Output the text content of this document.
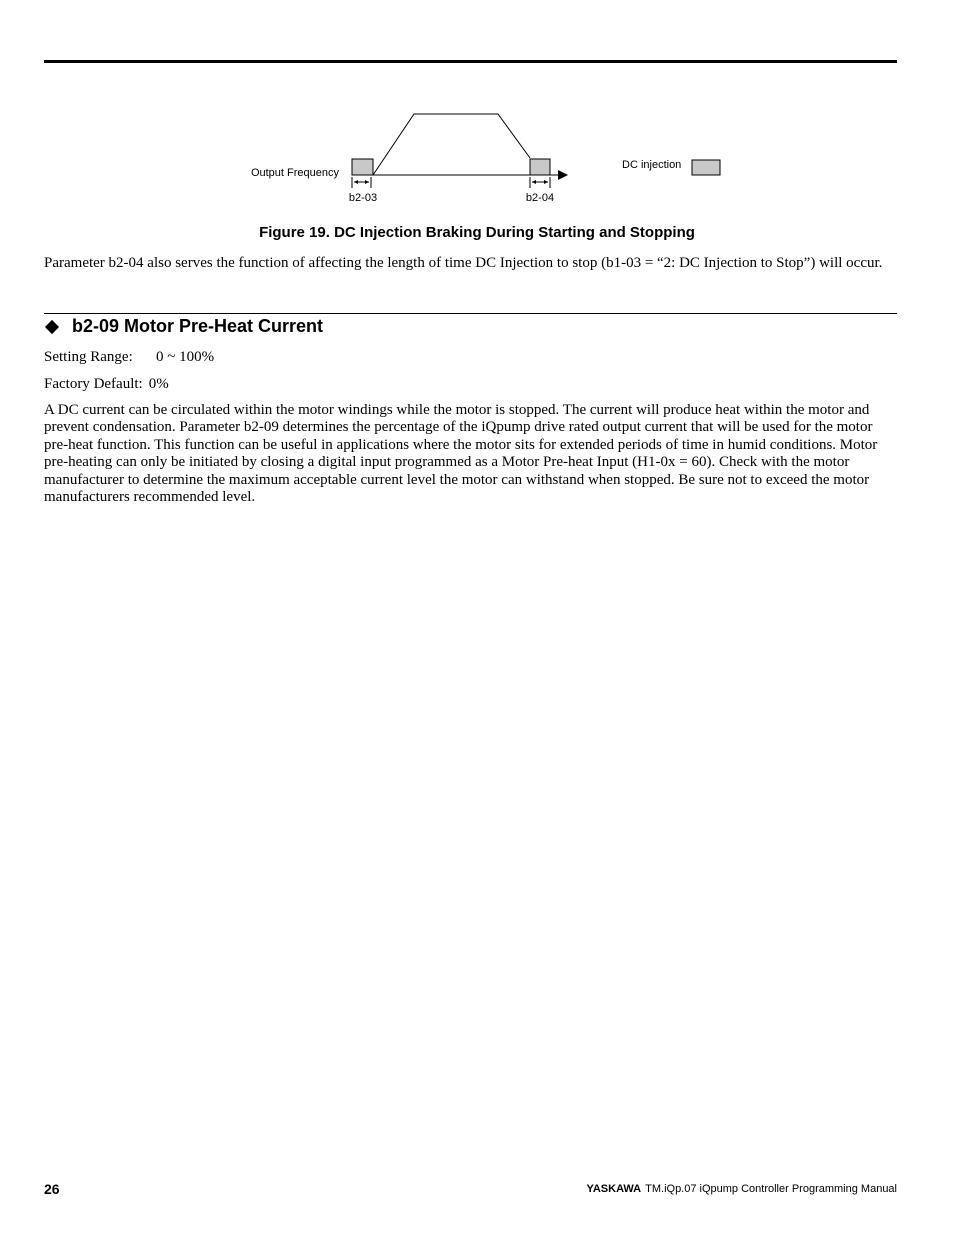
Output Frequency
b2-03	b2-04
DC injection
Figure 19. DC Injection Braking During Starting and Stopping
Parameter b2-04 also serves the function of affecting the length of time DC Injection to stop (b1-03 = “2: DC Injection to Stop”) will occur.
b2-09 Motor Pre-Heat Current
Setting Range: 0 ~ 100%
Factory Default: 0%
A DC current can be circulated within the motor windings while the motor is stopped. The current will produce heat within the motor and prevent condensation. Parameter b2-09 determines the percentage of the iQpump drive rated output current that will be used for the motor pre-heat function. This function can be useful in applications where the motor sits for extended periods of time in humid conditions. Motor pre-heating can only be initiated by closing a digital input programmed as a Motor Pre-heat Input (H1-0x = 60). Check with the motor manufacturer to determine the maximum acceptable current level the motor can withstand when stopped. Be sure not to exceed the motor manufacturers recommended level.
26	YASKAWA TM.iQp.07 iQpump Controller Programming Manual
